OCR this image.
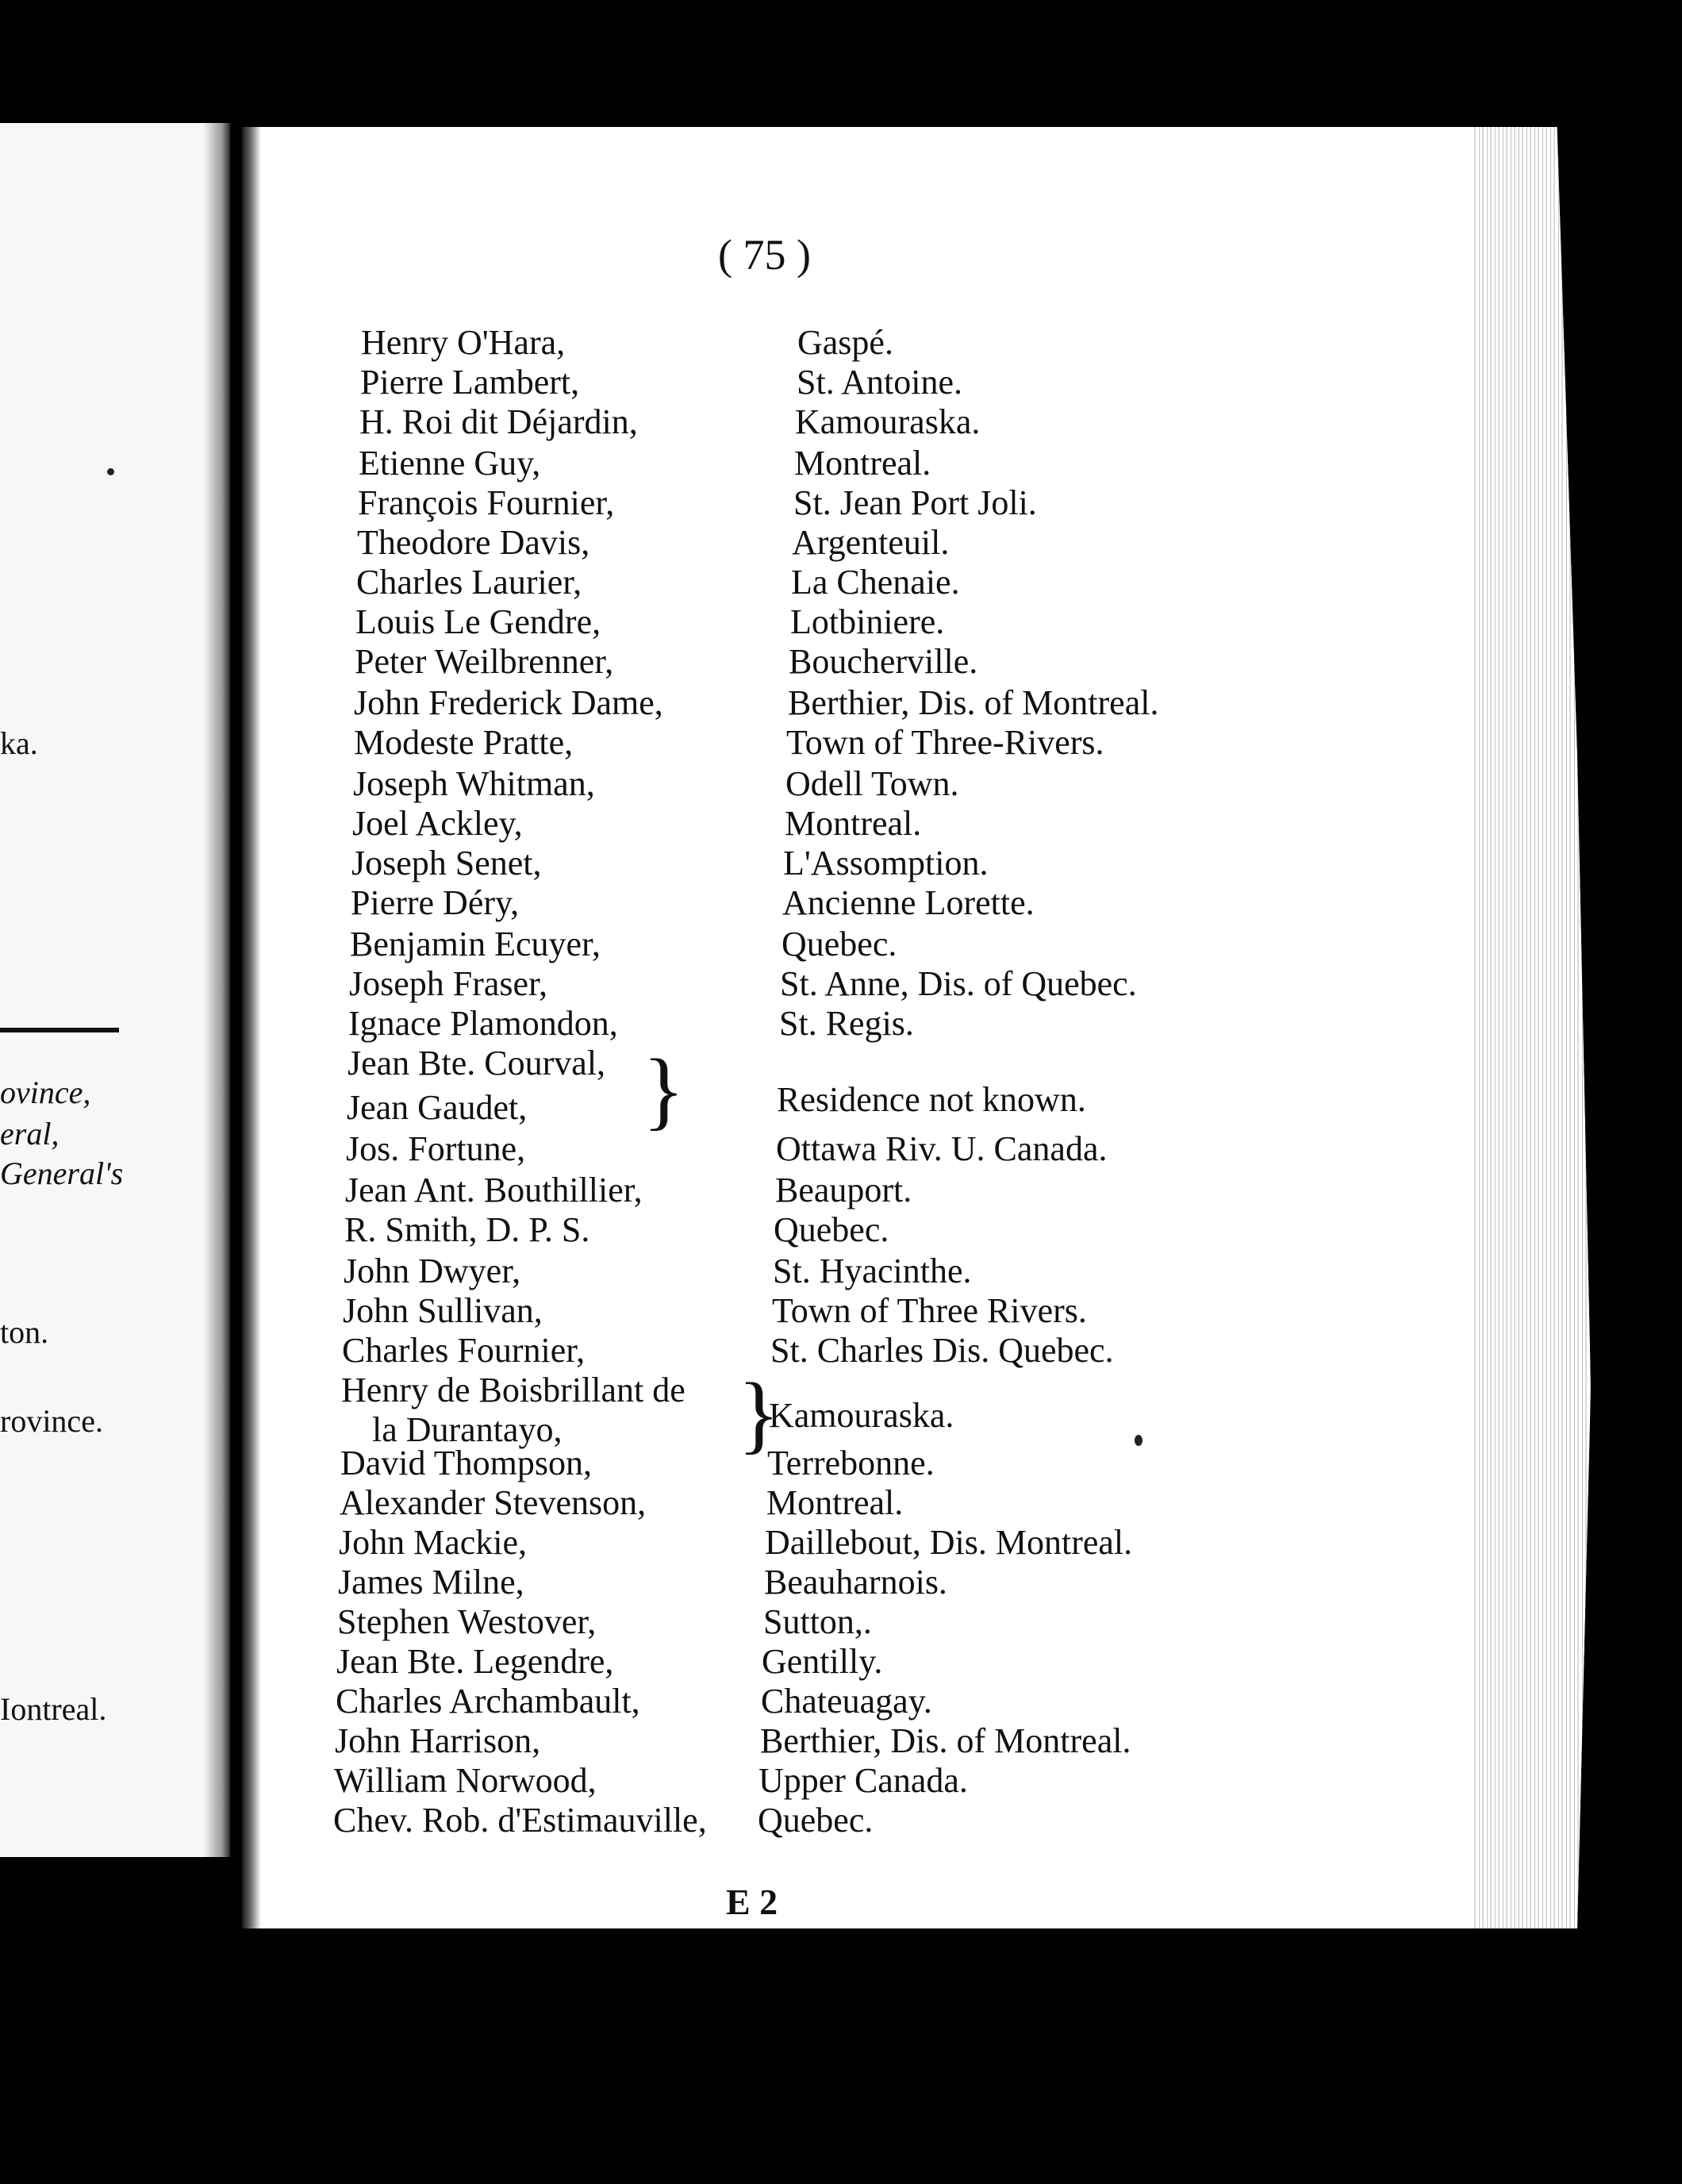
ka.
ovince,
eral,
General's
ton.
rovince.
Iontreal.
( 75 )
Henry O'Hara,	Gaspé.
Pierre Lambert,	St. Antoine.
H. Roi dit Déjardin,	Kamouraska.
Etienne Guy,	Montreal.
François Fournier,	St. Jean Port Joli.
Theodore Davis,	Argenteuil.
Charles Laurier,	La Chenaie.
Louis Le Gendre,	Lotbiniere.
Peter Weilbrenner,	Boucherville.
John Frederick Dame,	Berthier, Dis. of Montreal.
Modeste Pratte,	Town of Three-Rivers.
Joseph Whitman,	Odell Town.
Joel Ackley,	Montreal.
Joseph Senet,	L'Assomption.
Pierre Déry,	Ancienne Lorette.
Benjamin Ecuyer,	Quebec.
Joseph Fraser,	St. Anne, Dis. of Quebec.
Ignace Plamondon,	St. Regis.
Jean Bte. Courval,
Jean Gaudet,	Residence not known.
Jos. Fortune,	Ottawa Riv. U. Canada.
Jean Ant. Bouthillier,	Beauport.
R. Smith, D. P. S.	Quebec.
John Dwyer,	St. Hyacinthe.
John Sullivan,	Town of Three Rivers.
Charles Fournier,	St. Charles Dis. Quebec.
Henry de Boisbrillant de
la Durantayo,	Kamouraska.
David Thompson,	Terrebonne.
Alexander Stevenson,	Montreal.
John Mackie,	Daillebout, Dis. Montreal.
James Milne,	Beauharnois.
Stephen Westover,	Sutton,.
Jean Bte. Legendre,	Gentilly.
Charles Archambault,	Chateuagay.
John Harrison,	Berthier, Dis. of Montreal.
William Norwood,	Upper Canada.
Chev. Rob. d'Estimauville, Quebec.
}
}
E 2
